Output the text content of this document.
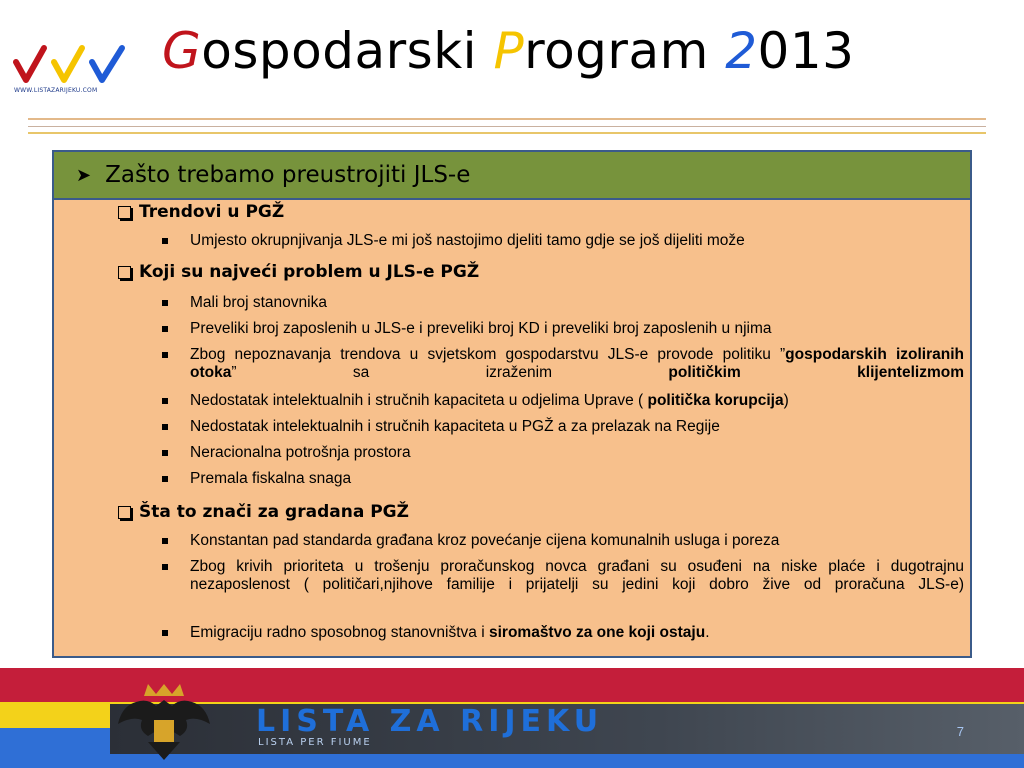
WWW.LISTAZARIJEKU.COM
Gospodarski Program 2013
➤ Zašto trebamo preustrojiti JLS-e
Trendovi u PGŽ
Umjesto okrupnjivanja JLS-e mi još nastojimo djeliti tamo gdje se još dijeliti može
Koji su najveći problem u JLS-e PGŽ
Mali broj stanovnika
Preveliki broj zaposlenih u JLS-e i preveliki broj KD i preveliki broj zaposlenih u njima
Zbog nepoznavanja trendova u svjetskom gospodarstvu JLS-e provode politiku ”gospodarskih izoliranih otoka” sa izraženim političkim klijentelizmom
Nedostatak intelektualnih i stručnih kapaciteta u odjelima Uprave ( politička korupcija)
Nedostatak intelektualnih i stručnih kapaciteta u PGŽ a za prelazak na Regije
Neracionalna potrošnja prostora
Premala fiskalna snaga
Šta to znači za gradana PGŽ
Konstantan pad standarda građana kroz povećanje cijena komunalnih usluga i poreza
Zbog krivih prioriteta u trošenju proračunskog novca građani su osuđeni na niske plaće i dugotrajnu nezaposlenost ( političari,njihove familije i prijatelji su jedini koji dobro žive od proračuna JLS-e)
Emigraciju radno sposobnog stanovništva i siromaštvo za one koji ostaju.
LISTA ZA RIJEKU
LISTA PER FIUME
7
